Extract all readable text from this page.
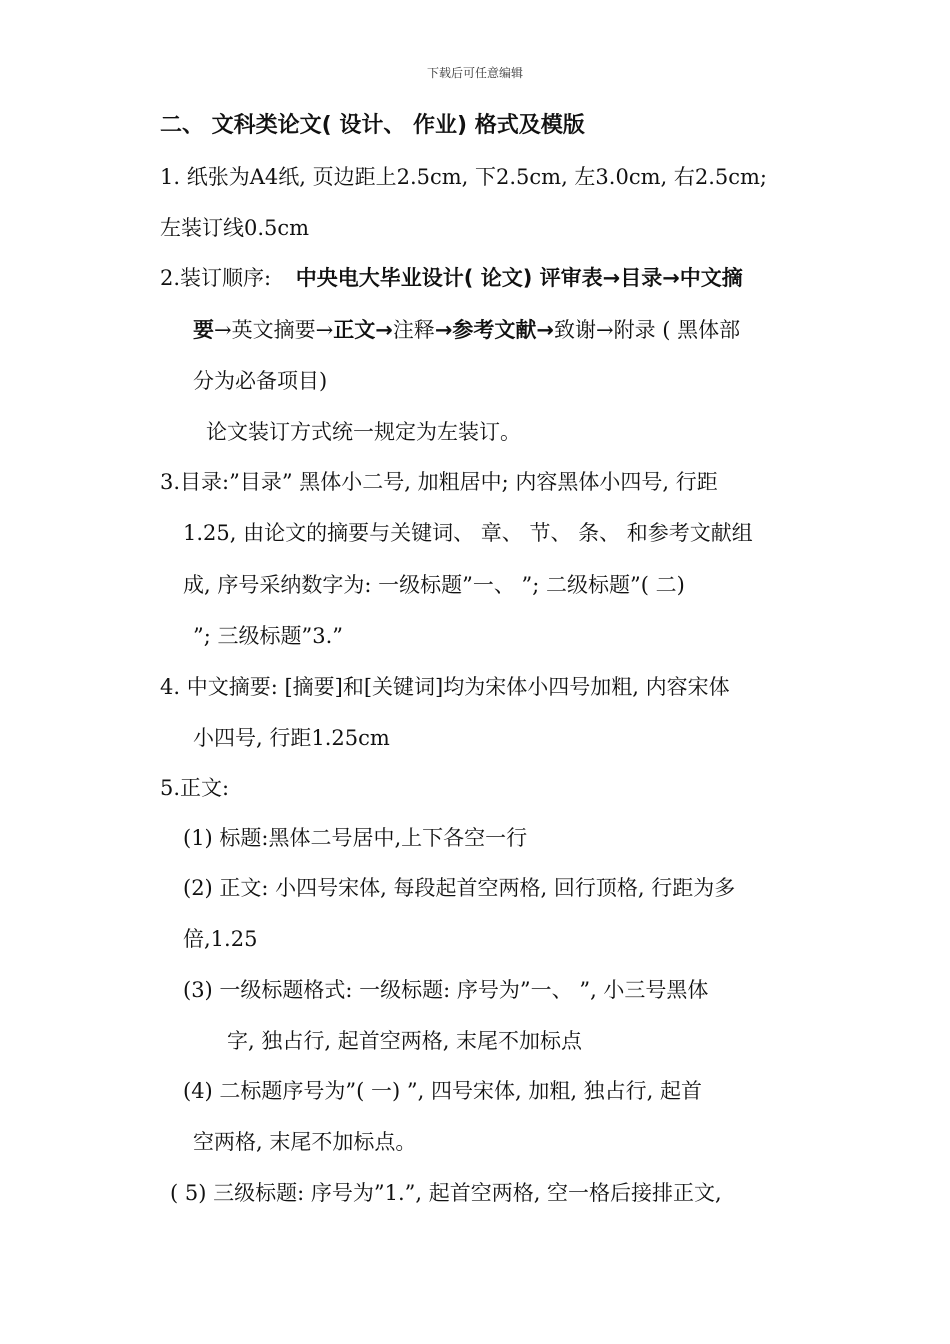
下载后可任意编辑
二、 文科类论文( 设计、 作业) 格式及模版
1. 纸张为A4纸, 页边距上2.5cm, 下2.5cm, 左3.0cm, 右2.5cm;
左装订线0.5cm
2.装订顺序: 中央电大毕业设计( 论文) 评审表→目录→中文摘
要→英文摘要→正文→注释→参考文献→致谢→附录 ( 黑体部
分为必备项目)
论文装订方式统一规定为左装订。
3.目录:”目录” 黑体小二号, 加粗居中; 内容黑体小四号, 行距
1.25, 由论文的摘要与关键词、 章、 节、 条、 和参考文献组
成, 序号采纳数字为: 一级标题”一、 ”; 二级标题”( 二)
”; 三级标题”3.”
4. 中文摘要: [摘要]和[关键词]均为宋体小四号加粗, 内容宋体
小四号, 行距1.25cm
5.正文:
(1) 标题:黑体二号居中,上下各空一行
(2) 正文: 小四号宋体, 每段起首空两格, 回行顶格, 行距为多
倍,1.25
(3) 一级标题格式: 一级标题: 序号为”一、 ”, 小三号黑体
字, 独占行, 起首空两格, 末尾不加标点
(4) 二标题序号为”( 一) ”, 四号宋体, 加粗, 独占行, 起首
空两格, 末尾不加标点。
( 5) 三级标题: 序号为”1.”, 起首空两格, 空一格后接排正文,
